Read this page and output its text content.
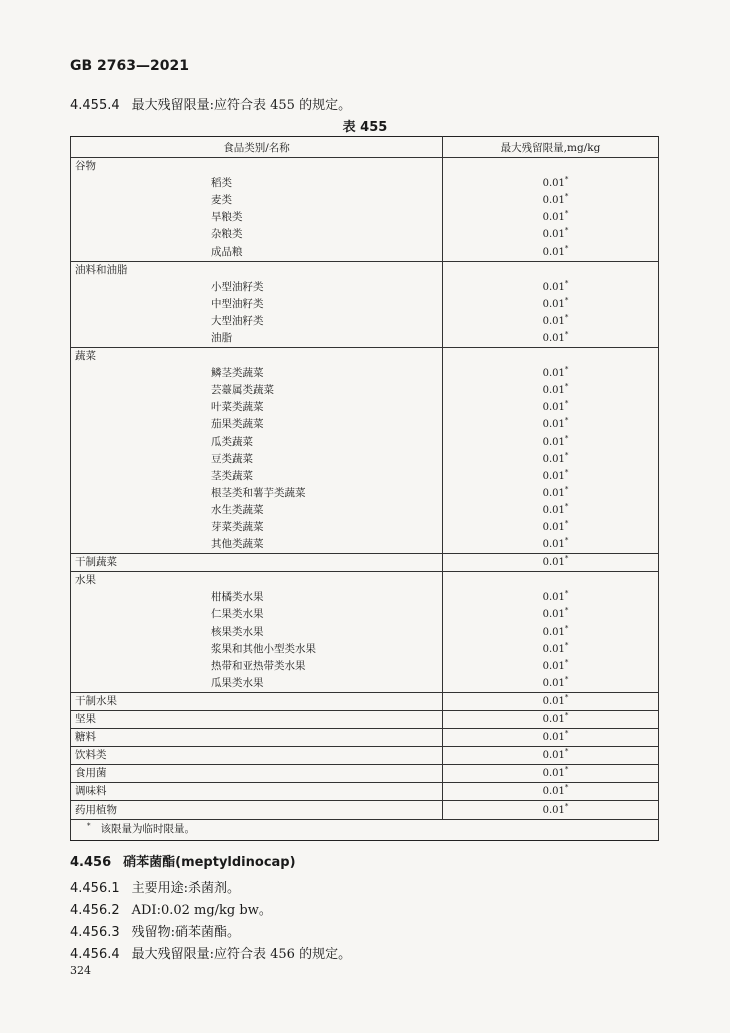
GB 2763—2021
4.455.4 最大残留限量:应符合表 455 的规定。
表 455
食品类别/名称	最大残留限量,mg/kg
谷物	
稻类	0.01*
麦类	0.01*
旱粮类	0.01*
杂粮类	0.01*
成品粮	0.01*
油料和油脂	
小型油籽类	0.01*
中型油籽类	0.01*
大型油籽类	0.01*
油脂	0.01*
蔬菜	
鳞茎类蔬菜	0.01*
芸薹属类蔬菜	0.01*
叶菜类蔬菜	0.01*
茄果类蔬菜	0.01*
瓜类蔬菜	0.01*
豆类蔬菜	0.01*
茎类蔬菜	0.01*
根茎类和薯芋类蔬菜	0.01*
水生类蔬菜	0.01*
芽菜类蔬菜	0.01*
其他类蔬菜	0.01*
干制蔬菜	0.01*
水果	
柑橘类水果	0.01*
仁果类水果	0.01*
核果类水果	0.01*
浆果和其他小型类水果	0.01*
热带和亚热带类水果	0.01*
瓜果类水果	0.01*
干制水果	0.01*
坚果	0.01*
糖料	0.01*
饮料类	0.01*
食用菌	0.01*
调味料	0.01*
药用植物	0.01*
* 该限量为临时限量。	
4.456 硝苯菌酯(meptyldinocap)
4.456.1 主要用途:杀菌剂。
4.456.2 ADI:0.02 mg/kg bw。
4.456.3 残留物:硝苯菌酯。
4.456.4 最大残留限量:应符合表 456 的规定。
324
